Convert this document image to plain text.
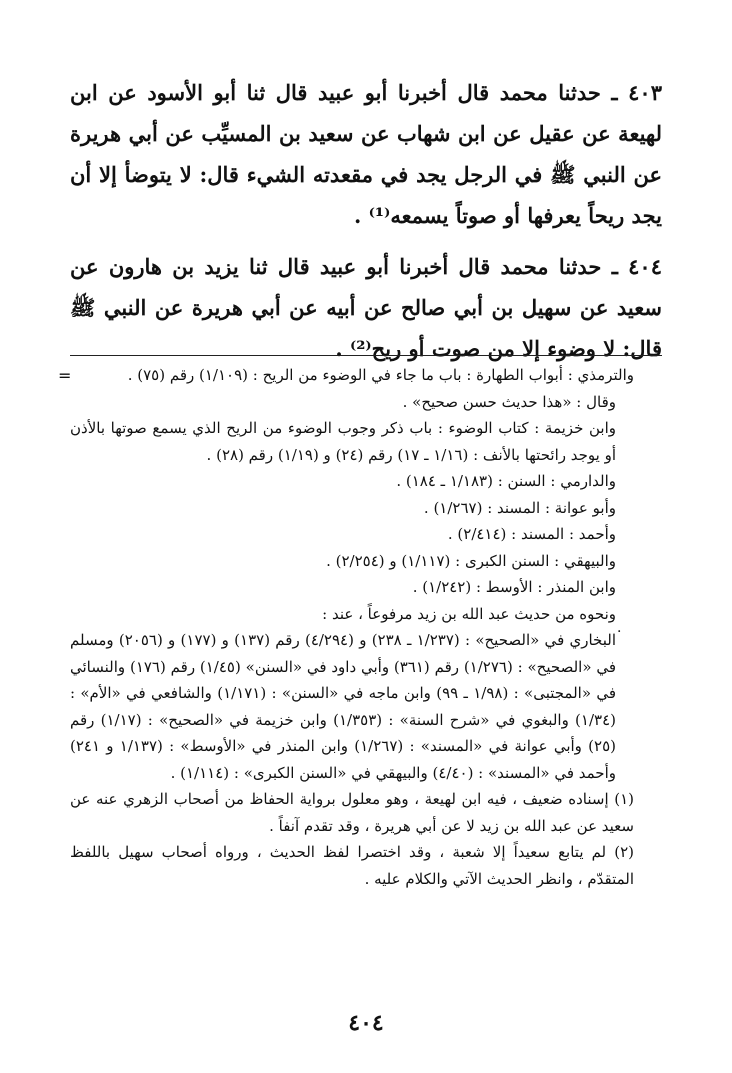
٤٠٣ ـ حدثنا محمد قال أخبرنا أبو عبيد قال ثنا أبو الأسود عن ابن لهيعة عن عقيل عن ابن شهاب عن سعيد بن المسيِّب عن أبي هريرة عن النبي ﷺ في الرجل يجد في مقعدته الشيء قال: لا يتوضأ إلا أن يجد ريحاً يعرفها أو صوتاً يسمعه⁽¹⁾ .

٤٠٤ ـ حدثنا محمد قال أخبرنا أبو عبيد قال ثنا يزيد بن هارون عن سعيد عن سهيل بن أبي صالح عن أبيه عن أبي هريرة عن النبي ﷺ قال: لا وضوء إلا من صوت أو ريح⁽²⁾ .

=
·

والترمذي : أبواب الطهارة : باب ما جاء في الوضوء من الريح : (١/١٠٩) رقم (٧٥) .

وقال : «هذا حديث حسن صحيح» .

وابن خزيمة : كتاب الوضوء : باب ذكر وجوب الوضوء من الريح الذي يسمع صوتها بالأذن أو يوجد رائحتها بالأنف : (١/١٦ ـ ١٧) رقم (٢٤) و (١/١٩) رقم (٢٨) .

والدارمي : السنن : (١/١٨٣ ـ ١٨٤) .

وأبو عوانة : المسند : (١/٢٦٧) .

وأحمد : المسند : (٢/٤١٤) .

والبيهقي : السنن الكبرى : (١/١١٧) و (٢/٢٥٤) .

وابن المنذر : الأوسط : (١/٢٤٢) .

ونحوه من حديث عبد الله بن زيد مرفوعاً ، عند :

البخاري في «الصحيح» : (١/٢٣٧ ـ ٢٣٨) و (٤/٢٩٤) رقم (١٣٧) و (١٧٧) و (٢٠٥٦) ومسلم في «الصحيح» : (١/٢٧٦) رقم (٣٦١) وأبي داود في «السنن» (١/٤٥) رقم (١٧٦) والنسائي في «المجتبى» : (١/٩٨ ـ ٩٩) وابن ماجه في «السنن» : (١/١٧١) والشافعي في «الأم» : (١/٣٤) والبغوي في «شرح السنة» : (١/٣٥٣) وابن خزيمة في «الصحيح» : (١/١٧) رقم (٢٥) وأبي عوانة في «المسند» : (١/٢٦٧) وابن المنذر في «الأوسط» : (١/١٣٧ و ٢٤١) وأحمد في «المسند» : (٤/٤٠) والبيهقي في «السنن الكبرى» : (١/١١٤) .

(١) إسناده ضعيف ، فيه ابن لهيعة ، وهو معلول برواية الحفاظ من أصحاب الزهري عنه عن سعيد عن عبد الله بن زيد لا عن أبي هريرة ، وقد تقدم آنفاً .

(٢) لم يتابع سعيداً إلا شعبة ، وقد اختصرا لفظ الحديث ، ورواه أصحاب سهيل باللفظ المتقدّم ، وانظر الحديث الآتي والكلام عليه .

٤٠٤
